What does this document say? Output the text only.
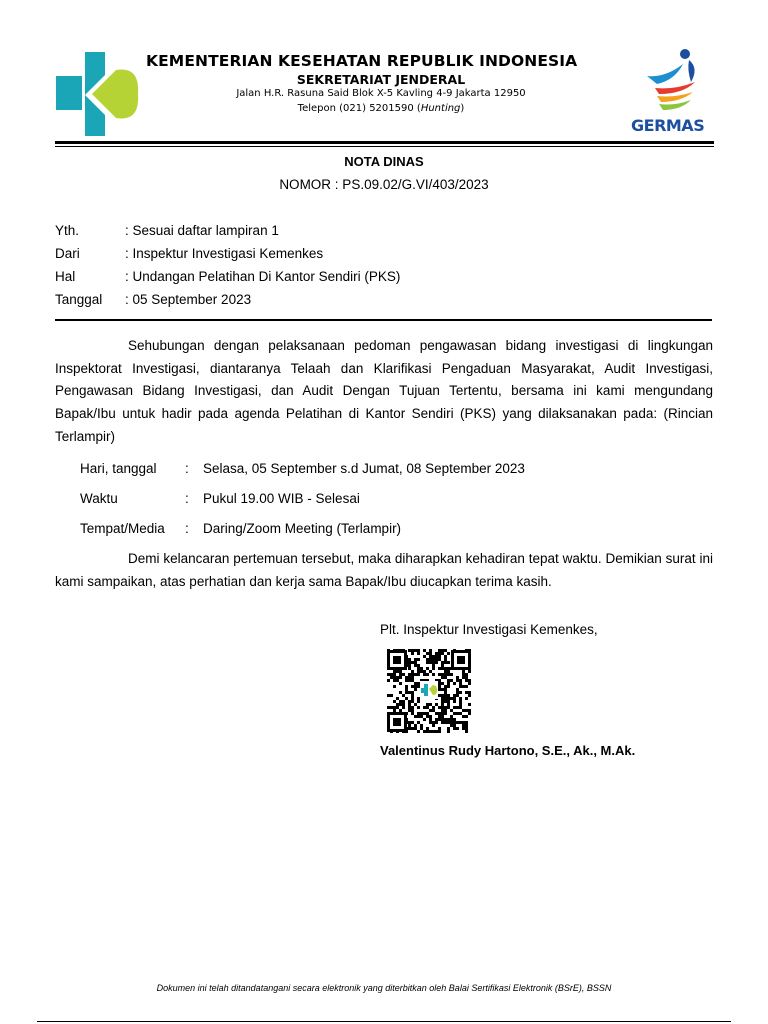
GERMAS
KEMENTERIAN KESEHATAN REPUBLIK INDONESIA
SEKRETARIAT JENDERAL
Jalan H.R. Rasuna Said Blok X-5 Kavling 4-9 Jakarta 12950
Telepon (021) 5201590 (Hunting)
NOTA DINAS
NOMOR : PS.09.02/G.VI/403/2023
Yth.	: Sesuai daftar lampiran 1
Dari	: Inspektur Investigasi Kemenkes
Hal	: Undangan Pelatihan Di Kantor Sendiri (PKS)
Tanggal : 05 September 2023
Sehubungan dengan pelaksanaan pedoman pengawasan bidang investigasi di lingkungan Inspektorat Investigasi, diantaranya Telaah dan Klarifikasi Pengaduan Masyarakat, Audit Investigasi, Pengawasan Bidang Investigasi, dan Audit Dengan Tujuan Tertentu, bersama ini kami mengundang Bapak/Ibu untuk hadir pada agenda Pelatihan di Kantor Sendiri (PKS) yang dilaksanakan pada: (Rincian Terlampir)
Hari, tanggal : Selasa, 05 September s.d Jumat, 08 September 2023
Waktu	: Pukul 19.00 WIB - Selesai
Tempat/Media : Daring/Zoom Meeting (Terlampir)
Demi kelancaran pertemuan tersebut, maka diharapkan kehadiran tepat waktu. Demikian surat ini kami sampaikan, atas perhatian dan kerja sama Bapak/Ibu diucapkan terima kasih.
Plt. Inspektur Investigasi Kemenkes,
Valentinus Rudy Hartono, S.E., Ak., M.Ak.
Dokumen ini telah ditandatangani secara elektronik yang diterbitkan oleh Balai Sertifikasi Elektronik (BSrE), BSSN
